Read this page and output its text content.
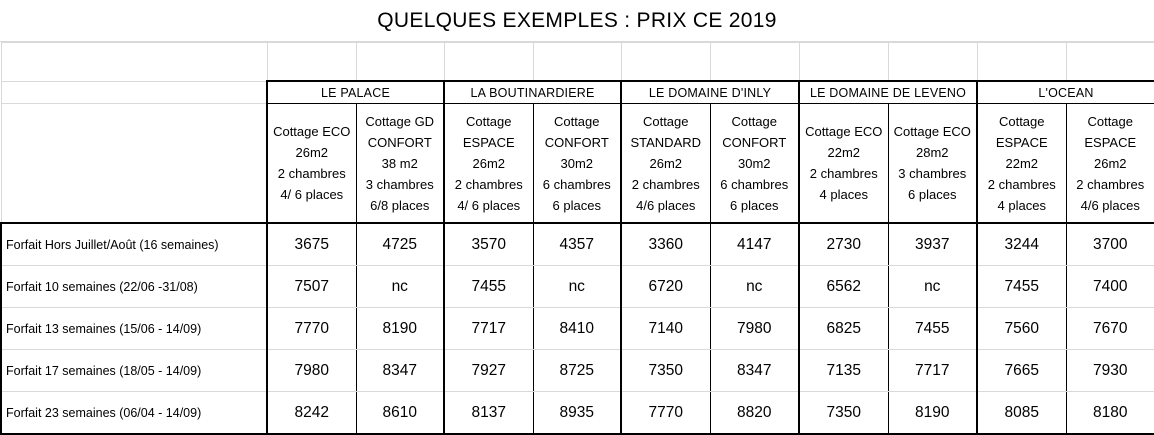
QUELQUES EXEMPLES : PRIX CE 2019

	LE PALACE		LA BOUTINARDIERE		LE DOMAINE D'INLY		LE DOMAINE DE LEVENO		L'OCEAN	

	Cottage ECO
26m2
2 chambres
4/ 6 places	Cottage GD
CONFORT
38 m2
3 chambres
6/8 places	Cottage
ESPACE
26m2
2 chambres
4/ 6 places	Cottage
CONFORT
30m2
6 chambres
6 places	Cottage
STANDARD
26m2
2 chambres
4/6 places	Cottage
CONFORT
30m2
6 chambres
6 places	Cottage ECO
22m2
2 chambres
4 places	Cottage ECO
28m2
3 chambres
6 places	Cottage
ESPACE
22m2
2 chambres
4 places	Cottage
ESPACE
26m2
2 chambres
4/6 places

Forfait Hors Juillet/Août (16 semaines)	3675	4725	3570	4357	3360	4147	2730	3937	3244	3700
Forfait 10 semaines (22/06 -31/08)	7507	nc	7455	nc	6720	nc	6562	nc	7455	7400
Forfait 13 semaines (15/06 - 14/09)	7770	8190	7717	8410	7140	7980	6825	7455	7560	7670
Forfait 17 semaines (18/05 - 14/09)	7980	8347	7927	8725	7350	8347	7135	7717	7665	7930
Forfait 23 semaines (06/04 - 14/09)	8242	8610	8137	8935	7770	8820	7350	8190	8085	8180
